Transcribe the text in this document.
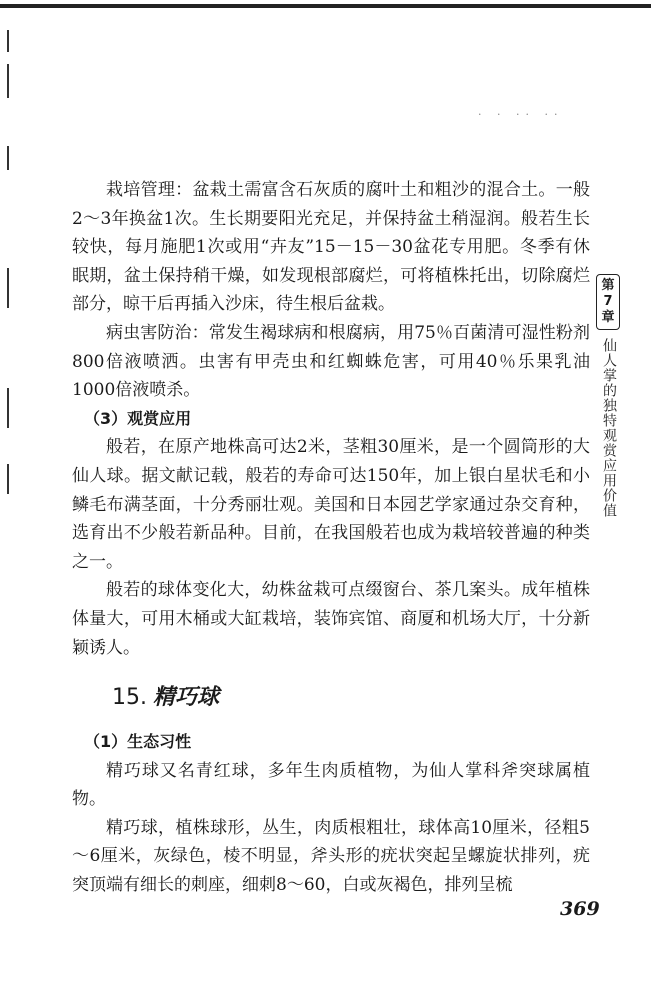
· · ·· ··

栽培管理：盆栽土需富含石灰质的腐叶土和粗沙的混合土。一般2～3年换盆1次。生长期要阳光充足，并保持盆土稍湿润。般若生长较快，每月施肥1次或用“卉友”15－15－30盆花专用肥。冬季有休眠期，盆土保持稍干燥，如发现根部腐烂，可将植株托出，切除腐烂部分，晾干后再插入沙床，待生根后盆栽。

病虫害防治：常发生褐球病和根腐病，用75％百菌清可湿性粉剂800倍液喷洒。虫害有甲壳虫和红蜘蛛危害，可用40％乐果乳油1000倍液喷杀。

（3）观赏应用

般若，在原产地株高可达2米，茎粗30厘米，是一个圆筒形的大仙人球。据文献记载，般若的寿命可达150年，加上银白星状毛和小鳞毛布满茎面，十分秀丽壮观。美国和日本园艺学家通过杂交育种，选育出不少般若新品种。目前，在我国般若也成为栽培较普遍的种类之一。

般若的球体变化大，幼株盆栽可点缀窗台、茶几案头。成年植株体量大，可用木桶或大缸栽培，装饰宾馆、商厦和机场大厅，十分新颖诱人。

15. 精巧球

（1）生态习性

精巧球又名青红球，多年生肉质植物，为仙人掌科斧突球属植物。

精巧球，植株球形，丛生，肉质根粗壮，球体高10厘米，径粗5～6厘米，灰绿色，棱不明显，斧头形的疣状突起呈螺旋状排列，疣突顶端有细长的刺座，细刺8～60，白或灰褐色，排列呈梳

第
7
章
仙人掌的独特观赏应用价值
369
